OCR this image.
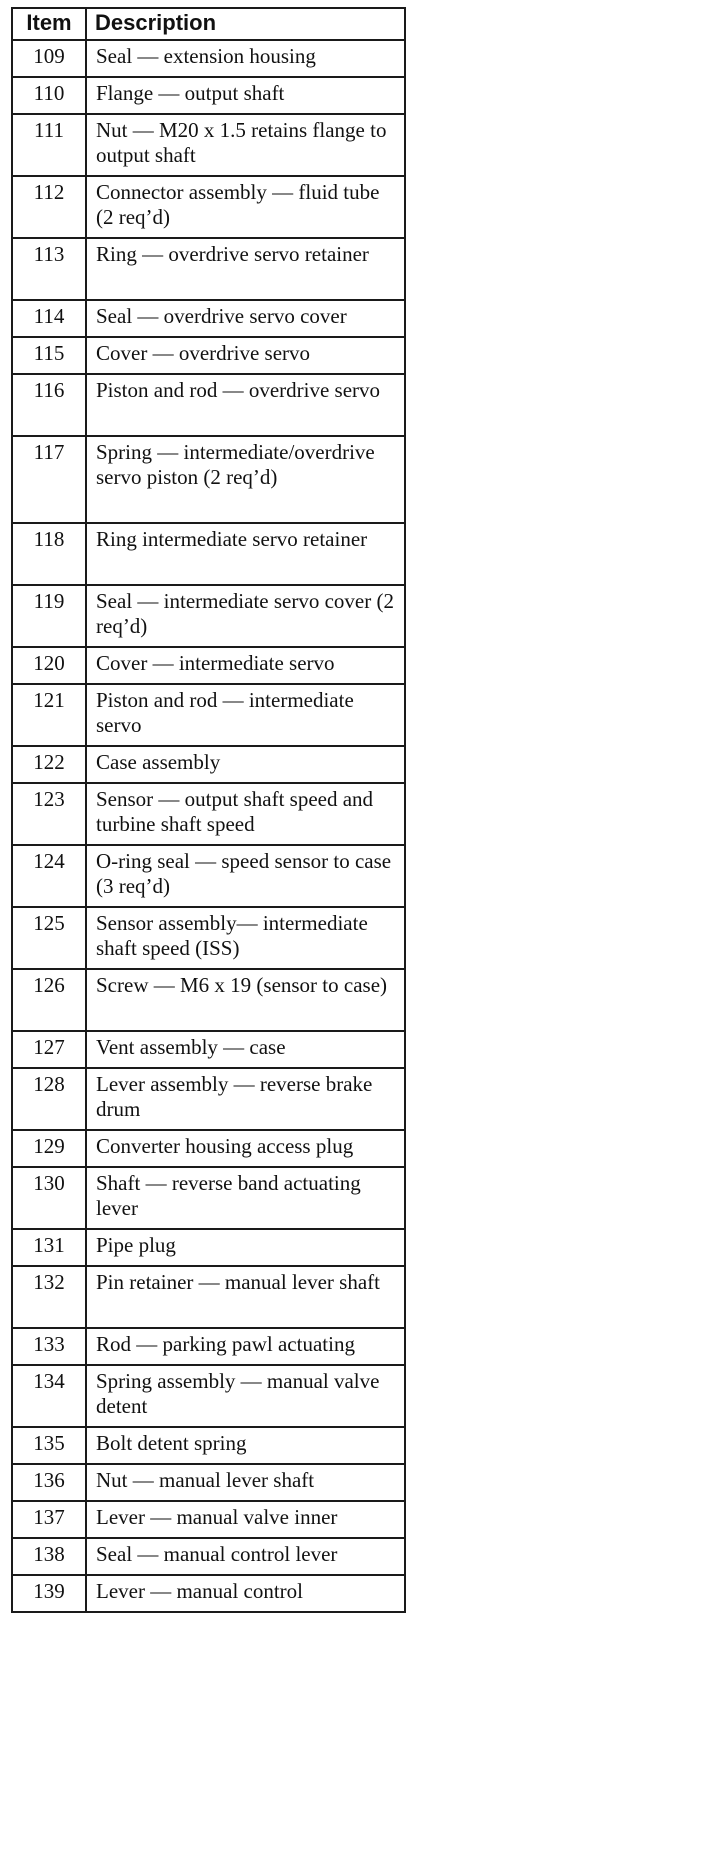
Item	Description
109	Seal — extension housing
110	Flange — output shaft
111	Nut — M20 x 1.5 retains flange to output shaft
112	Connector assembly — fluid tube (2 req’d)
113	Ring — overdrive servo retainer
114	Seal — overdrive servo cover
115	Cover — overdrive servo
116	Piston and rod — overdrive servo
117	Spring — intermediate/overdrive servo piston (2 req’d)
118	Ring intermediate servo retainer
119	Seal — intermediate servo cover (2 req’d)
120	Cover — intermediate servo
121	Piston and rod — intermediate servo
122	Case assembly
123	Sensor — output shaft speed and turbine shaft speed
124	O-ring seal — speed sensor to case (3 req’d)
125	Sensor assembly— intermediate shaft speed (ISS)
126	Screw — M6 x 19 (sensor to case)
127	Vent assembly — case
128	Lever assembly — reverse brake drum
129	Converter housing access plug
130	Shaft — reverse band actuating lever
131	Pipe plug
132	Pin retainer — manual lever shaft
133	Rod — parking pawl actuating
134	Spring assembly — manual valve detent
135	Bolt detent spring
136	Nut — manual lever shaft
137	Lever — manual valve inner
138	Seal — manual control lever
139	Lever — manual control
